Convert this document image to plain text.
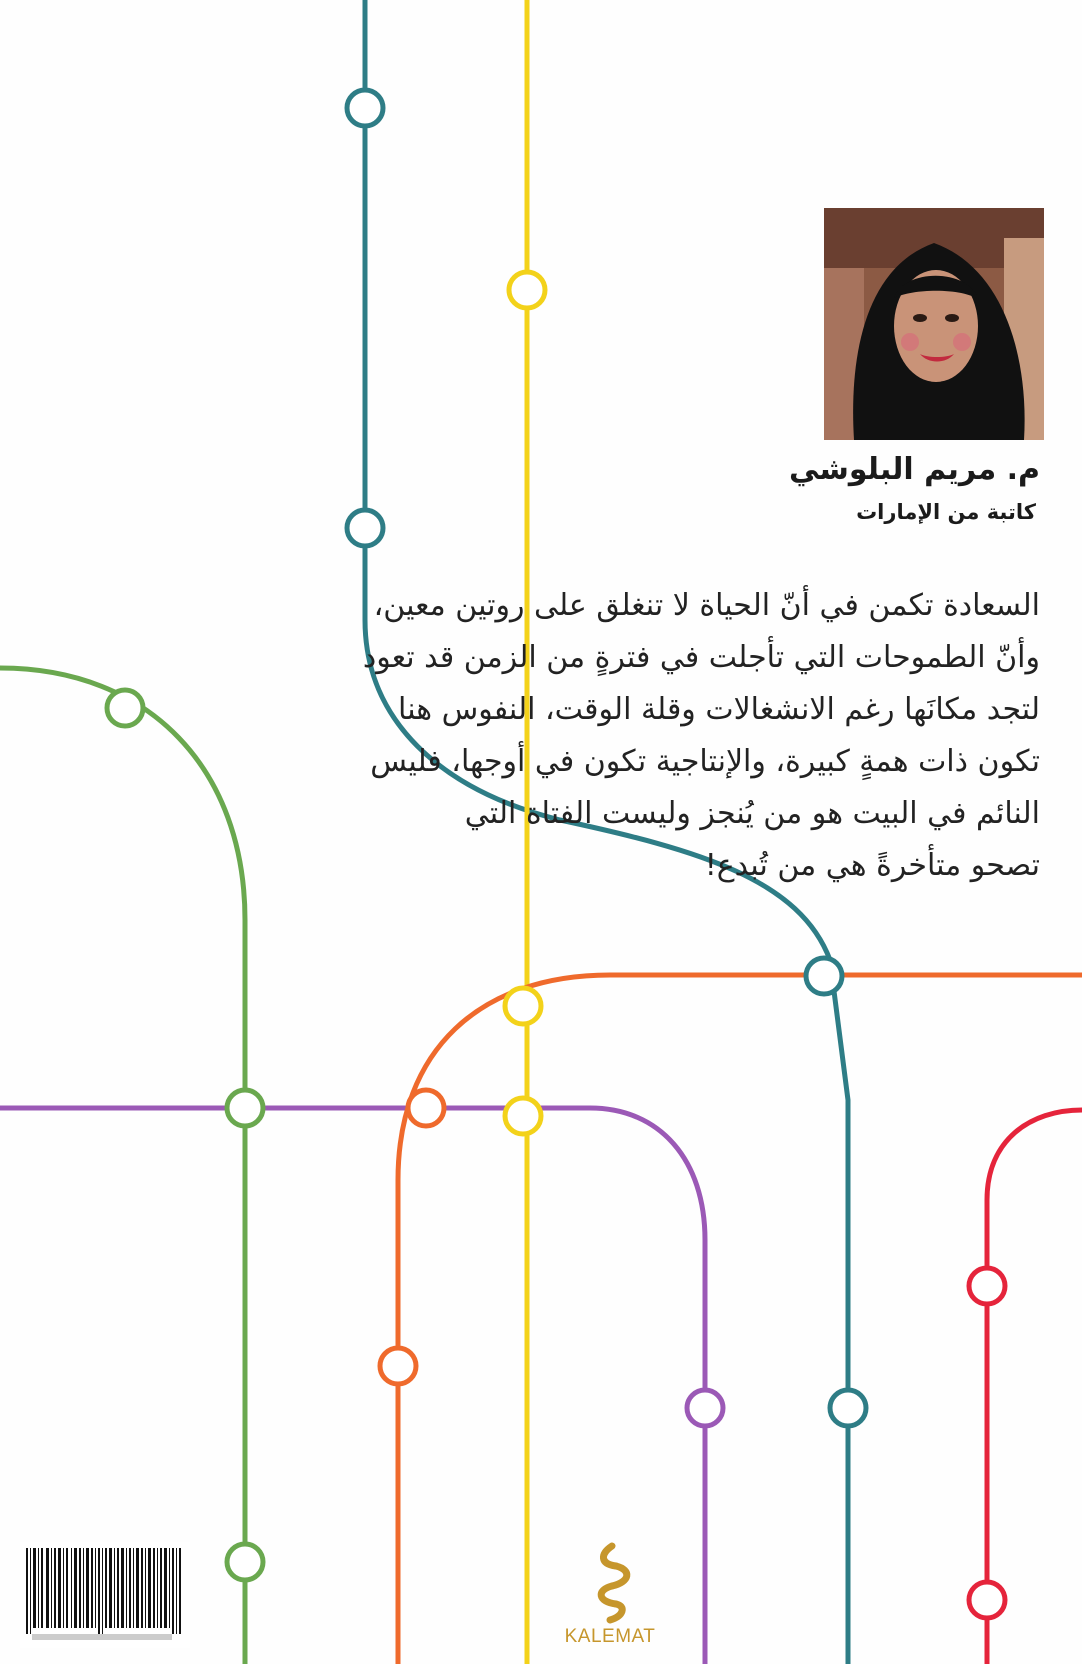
م. مريم البلوشي
كاتبة من الإمارات

السعادة تكمن في أنّ الحياة لا تنغلق على روتين معين،

وأنّ الطموحات التي تأجلت في فترةٍ من الزمن قد تعود

لتجد مكانَها رغم الانشغالات وقلة الوقت، النفوس هنا

تكون ذات همةٍ كبيرة، والإنتاجية تكون في أوجها، فليس

النائم في البيت هو من يُنجز وليست الفتاة التي

تصحو متأخرةً هي من تُبدع!

KALEMAT
